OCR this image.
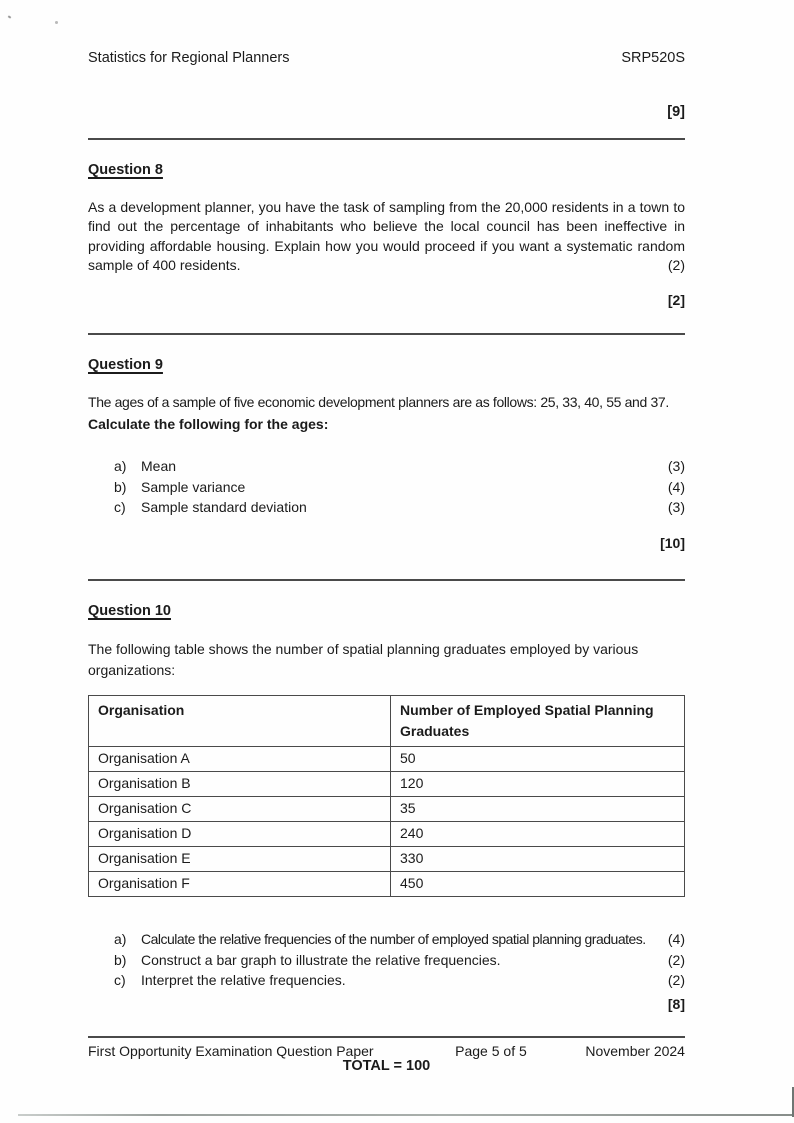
Statistics for Regional Planners	SRP520S
[9]
Question 8

As a development planner, you have the task of sampling from the 20,000 residents in a town to find out the percentage of inhabitants who believe the local council has been ineffective in providing affordable housing. Explain how you would proceed if you want a systematic random sample of 400 residents.	(2)

[2]
Question 9
The ages of a sample of five economic development planners are as follows: 25, 33, 40, 55 and 37.
Calculate the following for the ages:
a)	Mean	(3)
b)	Sample variance	(4)
c)	Sample standard deviation	(3)
[10]
Question 10
The following table shows the number of spatial planning graduates employed by various organizations:
Organisation	Number of Employed Spatial Planning Graduates
Organisation A	50
Organisation B	120
Organisation C	35
Organisation D	240
Organisation E	330
Organisation F	450
a)	Calculate the relative frequencies of the number of employed spatial planning graduates.	(4)
b)	Construct a bar graph to illustrate the relative frequencies.	(2)
c)	Interpret the relative frequencies.	(2)
[8]
TOTAL = 100
First Opportunity Examination Question Paper	Page 5 of 5	November 2024
